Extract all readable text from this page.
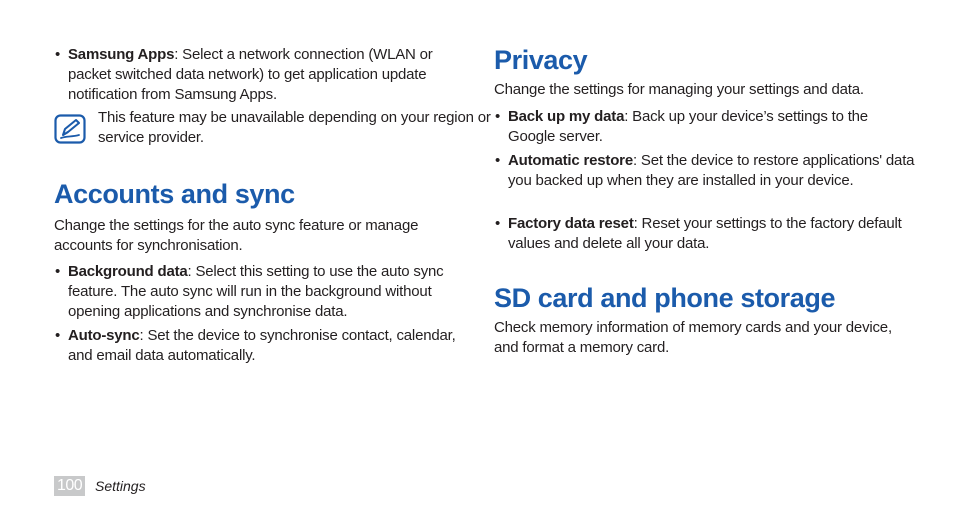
• Samsung Apps: Select a network connection (WLAN or packet switched data network) to get application update notification from Samsung Apps.
This feature may be unavailable depending on your region or service provider.
Accounts and sync
Change the settings for the auto sync feature or manage accounts for synchronisation.
• Background data: Select this setting to use the auto sync feature. The auto sync will run in the background without opening applications and synchronise data.
• Auto-sync: Set the device to synchronise contact, calendar, and email data automatically.
Privacy
Change the settings for managing your settings and data.
• Back up my data: Back up your device’s settings to the Google server.
• Automatic restore: Set the device to restore applications' data you backed up when they are installed in your device.
• Factory data reset: Reset your settings to the factory default values and delete all your data.
SD card and phone storage
Check memory information of memory cards and your device, and format a memory card.
100 Settings
